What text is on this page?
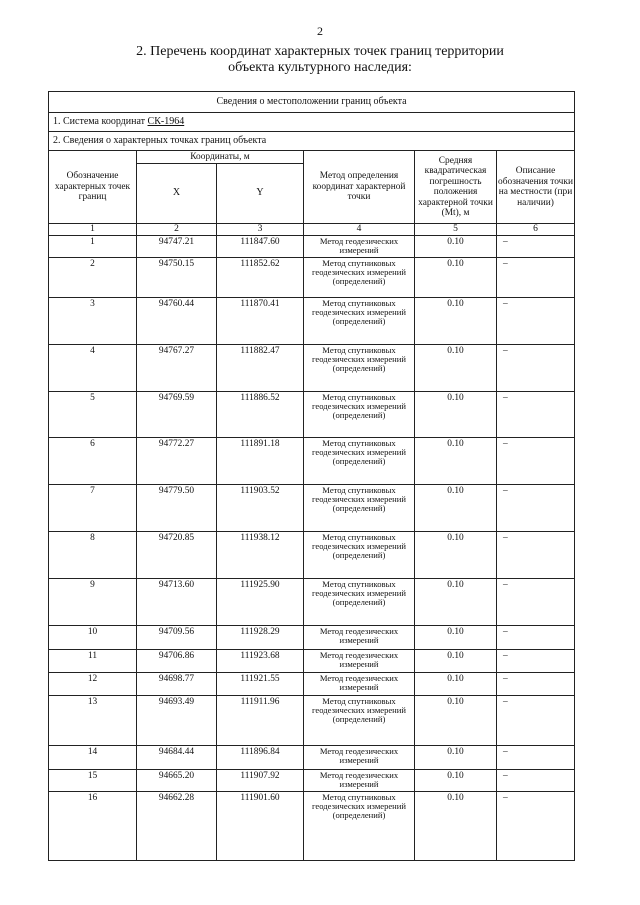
2
2. Перечень координат характерных точек границ территории
объекта культурного наследия:
Сведения о местоположении границ объекта					
1. Система координат СК-1964					
2. Сведения о характерных точках границ объекта					
Обозначение характерных точек границ	Координаты, м		Метод определения координат характерной точки	Средняя квадратическая погрешность положения характерной точки (Mt), м	Описание обозначения точки на местности (при наличии)
	X	Y			
1	2	3	4	5	6
1	94747.21	111847.60	Метод геодезических измерений	0.10	–
2	94750.15	111852.62	Метод спутниковых геодезических измерений (определений)	0.10	–
3	94760.44	111870.41	Метод спутниковых геодезических измерений (определений)	0.10	–
4	94767.27	111882.47	Метод спутниковых геодезических измерений (определений)	0.10	–
5	94769.59	111886.52	Метод спутниковых геодезических измерений (определений)	0.10	–
6	94772.27	111891.18	Метод спутниковых геодезических измерений (определений)	0.10	–
7	94779.50	111903.52	Метод спутниковых геодезических измерений (определений)	0.10	–
8	94720.85	111938.12	Метод спутниковых геодезических измерений (определений)	0.10	–
9	94713.60	111925.90	Метод спутниковых геодезических измерений (определений)	0.10	–
10	94709.56	111928.29	Метод геодезических измерений	0.10	–
11	94706.86	111923.68	Метод геодезических измерений	0.10	–
12	94698.77	111921.55	Метод геодезических измерений	0.10	–
13	94693.49	111911.96	Метод спутниковых геодезических измерений (определений)	0.10	–
14	94684.44	111896.84	Метод геодезических измерений	0.10	–
15	94665.20	111907.92	Метод геодезических измерений	0.10	–
16	94662.28	111901.60	Метод спутниковых геодезических измерений (определений)	0.10	–
